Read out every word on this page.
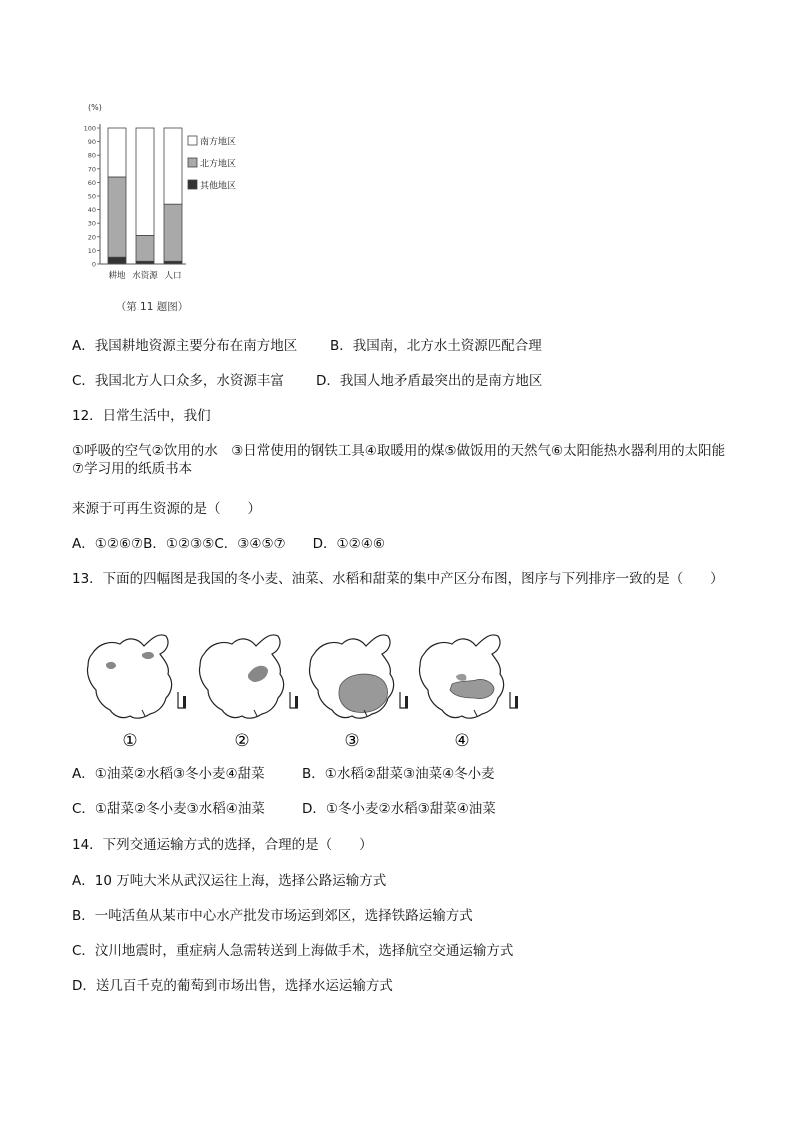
(%)
0
10
20
30
40
50
60
70
80
90
100
耕地 水资源 人口
南方地区
北方地区
其他地区
（第 11 题图）
A．我国耕地资源主要分布在南方地区 B．我国南，北方水土资源匹配合理
C．我国北方人口众多，水资源丰富 D．我国人地矛盾最突出的是南方地区
12．日常生活中，我们
①呼吸的空气②饮用的水　③日常使用的钢铁工具④取暖用的煤⑤做饭用的天然气⑥太阳能热水器利用的太阳能⑦学习用的纸质书本
来源于可再生资源的是（　　）
A．①②⑥⑦B．①②③⑤C．③④⑤⑦　　D．①②④⑥
13．下面的四幅图是我国的冬小麦、油菜、水稻和甜菜的集中产区分布图，图序与下列排序一致的是（　　）
①	②	③	④
A．①油菜②水稻③冬小麦④甜菜	B．①水稻②甜菜③油菜④冬小麦
C．①甜菜②冬小麦③水稻④油菜	D．①冬小麦②水稻③甜菜④油菜
14．下列交通运输方式的选择，合理的是（　　）
A．10 万吨大米从武汉运往上海，选择公路运输方式
B．一吨活鱼从某市中心水产批发市场运到郊区，选择铁路运输方式
C．汶川地震时，重症病人急需转送到上海做手术，选择航空交通运输方式
D．送几百千克的葡萄到市场出售，选择水运运输方式
